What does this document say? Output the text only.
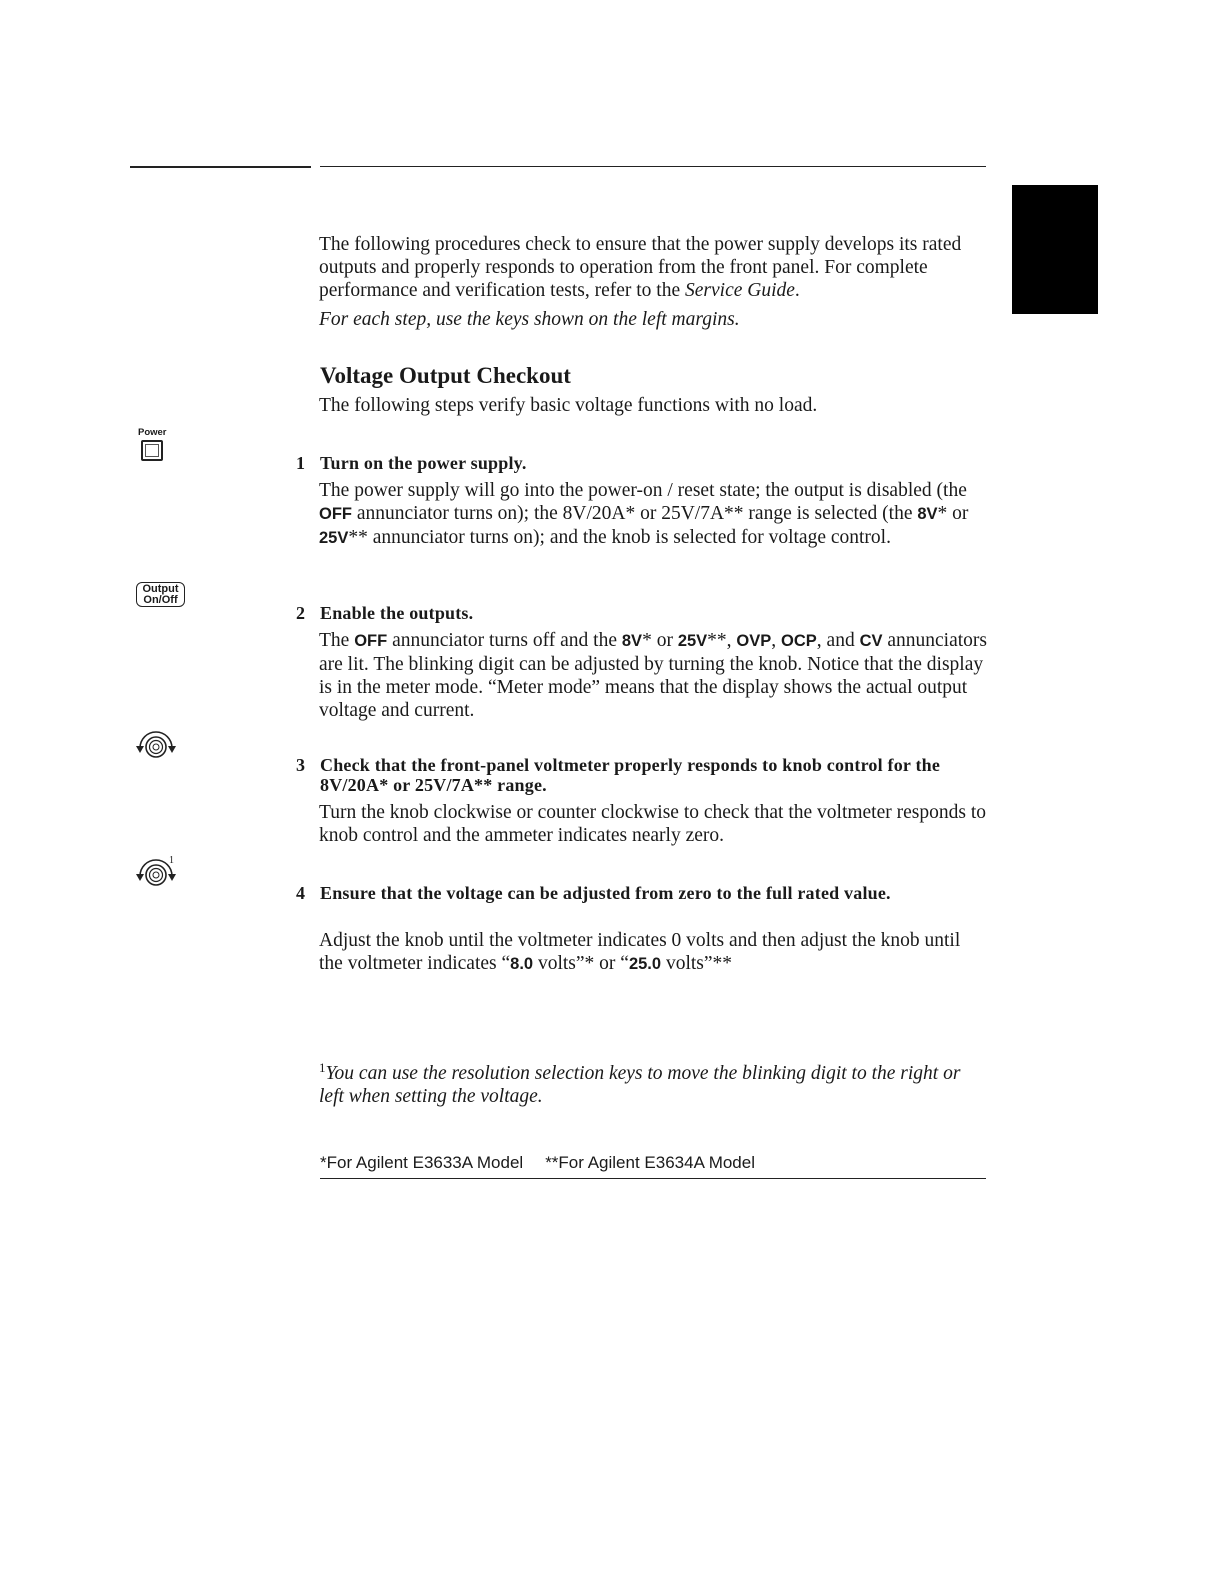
The following procedures check to ensure that the power supply develops its rated outputs and properly responds to operation from the front panel. For complete performance and verification tests, refer to the Service Guide.
For each step, use the keys shown on the left margins.
Voltage Output Checkout
The following steps verify basic voltage functions with no load.
Power
1 Turn on the power supply.
The power supply will go into the power-on / reset state; the output is disabled (the OFF annunciator turns on); the 8V/20A* or 25V/7A** range is selected (the 8V* or 25V** annunciator turns on); and the knob is selected for voltage control.
Output
On/Off
2 Enable the outputs.
The OFF annunciator turns off and the 8V* or 25V**, OVP, OCP, and CV annunciators are lit. The blinking digit can be adjusted by turning the knob. Notice that the display is in the meter mode. “Meter mode” means that the display shows the actual output voltage and current.
3 Check that the front-panel voltmeter properly responds to knob control for the 8V/20A* or 25V/7A** range.
Turn the knob clockwise or counter clockwise to check that the voltmeter responds to knob control and the ammeter indicates nearly zero.
1
4 Ensure that the voltage can be adjusted from zero to the full rated value.
Adjust the knob until the voltmeter indicates 0 volts and then adjust the knob until the voltmeter indicates “8.0 volts”* or “25.0 volts”**
$^1$You can use the resolution selection keys to move the blinking digit to the right or left when setting the voltage.
*For Agilent E3633A Model **For Agilent E3634A Model
